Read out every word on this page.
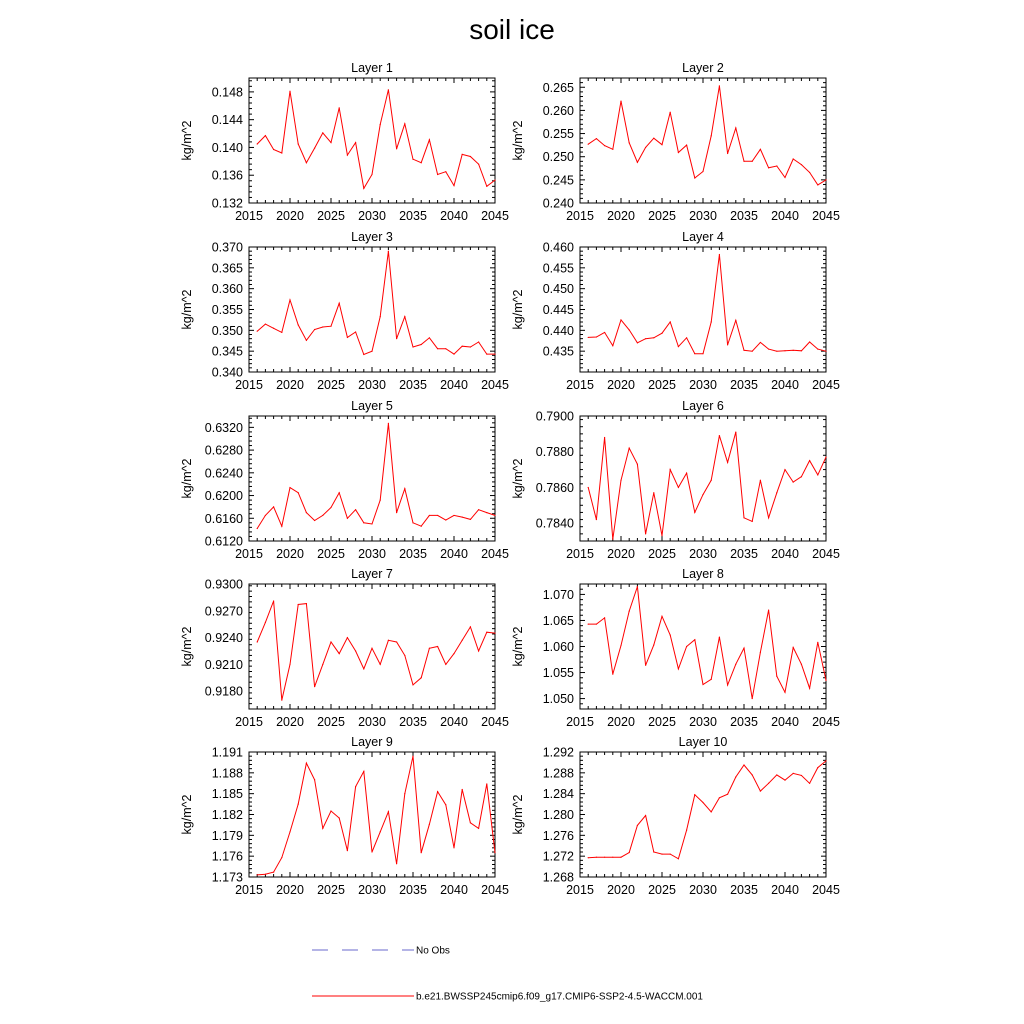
soil ice
2015 2020 2025 2030 2035 2040 2045
0.132
0.136
0.140
0.144
0.148
Layer 1
kg/m^2
2015 2020 2025 2030 2035 2040 2045
0.240
0.245
0.250
0.255
0.260
0.265
Layer 2
kg/m^2
2015 2020 2025 2030 2035 2040 2045
0.340
0.345
0.350
0.355
0.360
0.365
0.370
Layer 3
kg/m^2
2015 2020 2025 2030 2035 2040 2045
0.435
0.440
0.445
0.450
0.455
0.460
Layer 4
kg/m^2
2015 2020 2025 2030 2035 2040 2045
0.6120
0.6160
0.6200
0.6240
0.6280
0.6320
Layer 5
kg/m^2
2015 2020 2025 2030 2035 2040 2045
0.7840
0.7860
0.7880
0.7900
Layer 6
kg/m^2
2015 2020 2025 2030 2035 2040 2045
0.9180
0.9210
0.9240
0.9270
0.9300
Layer 7
kg/m^2
2015 2020 2025 2030 2035 2040 2045
1.050
1.055
1.060
1.065
1.070
Layer 8
kg/m^2
2015 2020 2025 2030 2035 2040 2045
1.173
1.176
1.179
1.182
1.185
1.188
1.191
Layer 9
kg/m^2
2015 2020 2025 2030 2035 2040 2045
1.268
1.272
1.276
1.280
1.284
1.288
1.292
Layer 10
kg/m^2
No Obs
b.e21.BWSSP245cmip6.f09_g17.CMIP6-SSP2-4.5-WACCM.001
